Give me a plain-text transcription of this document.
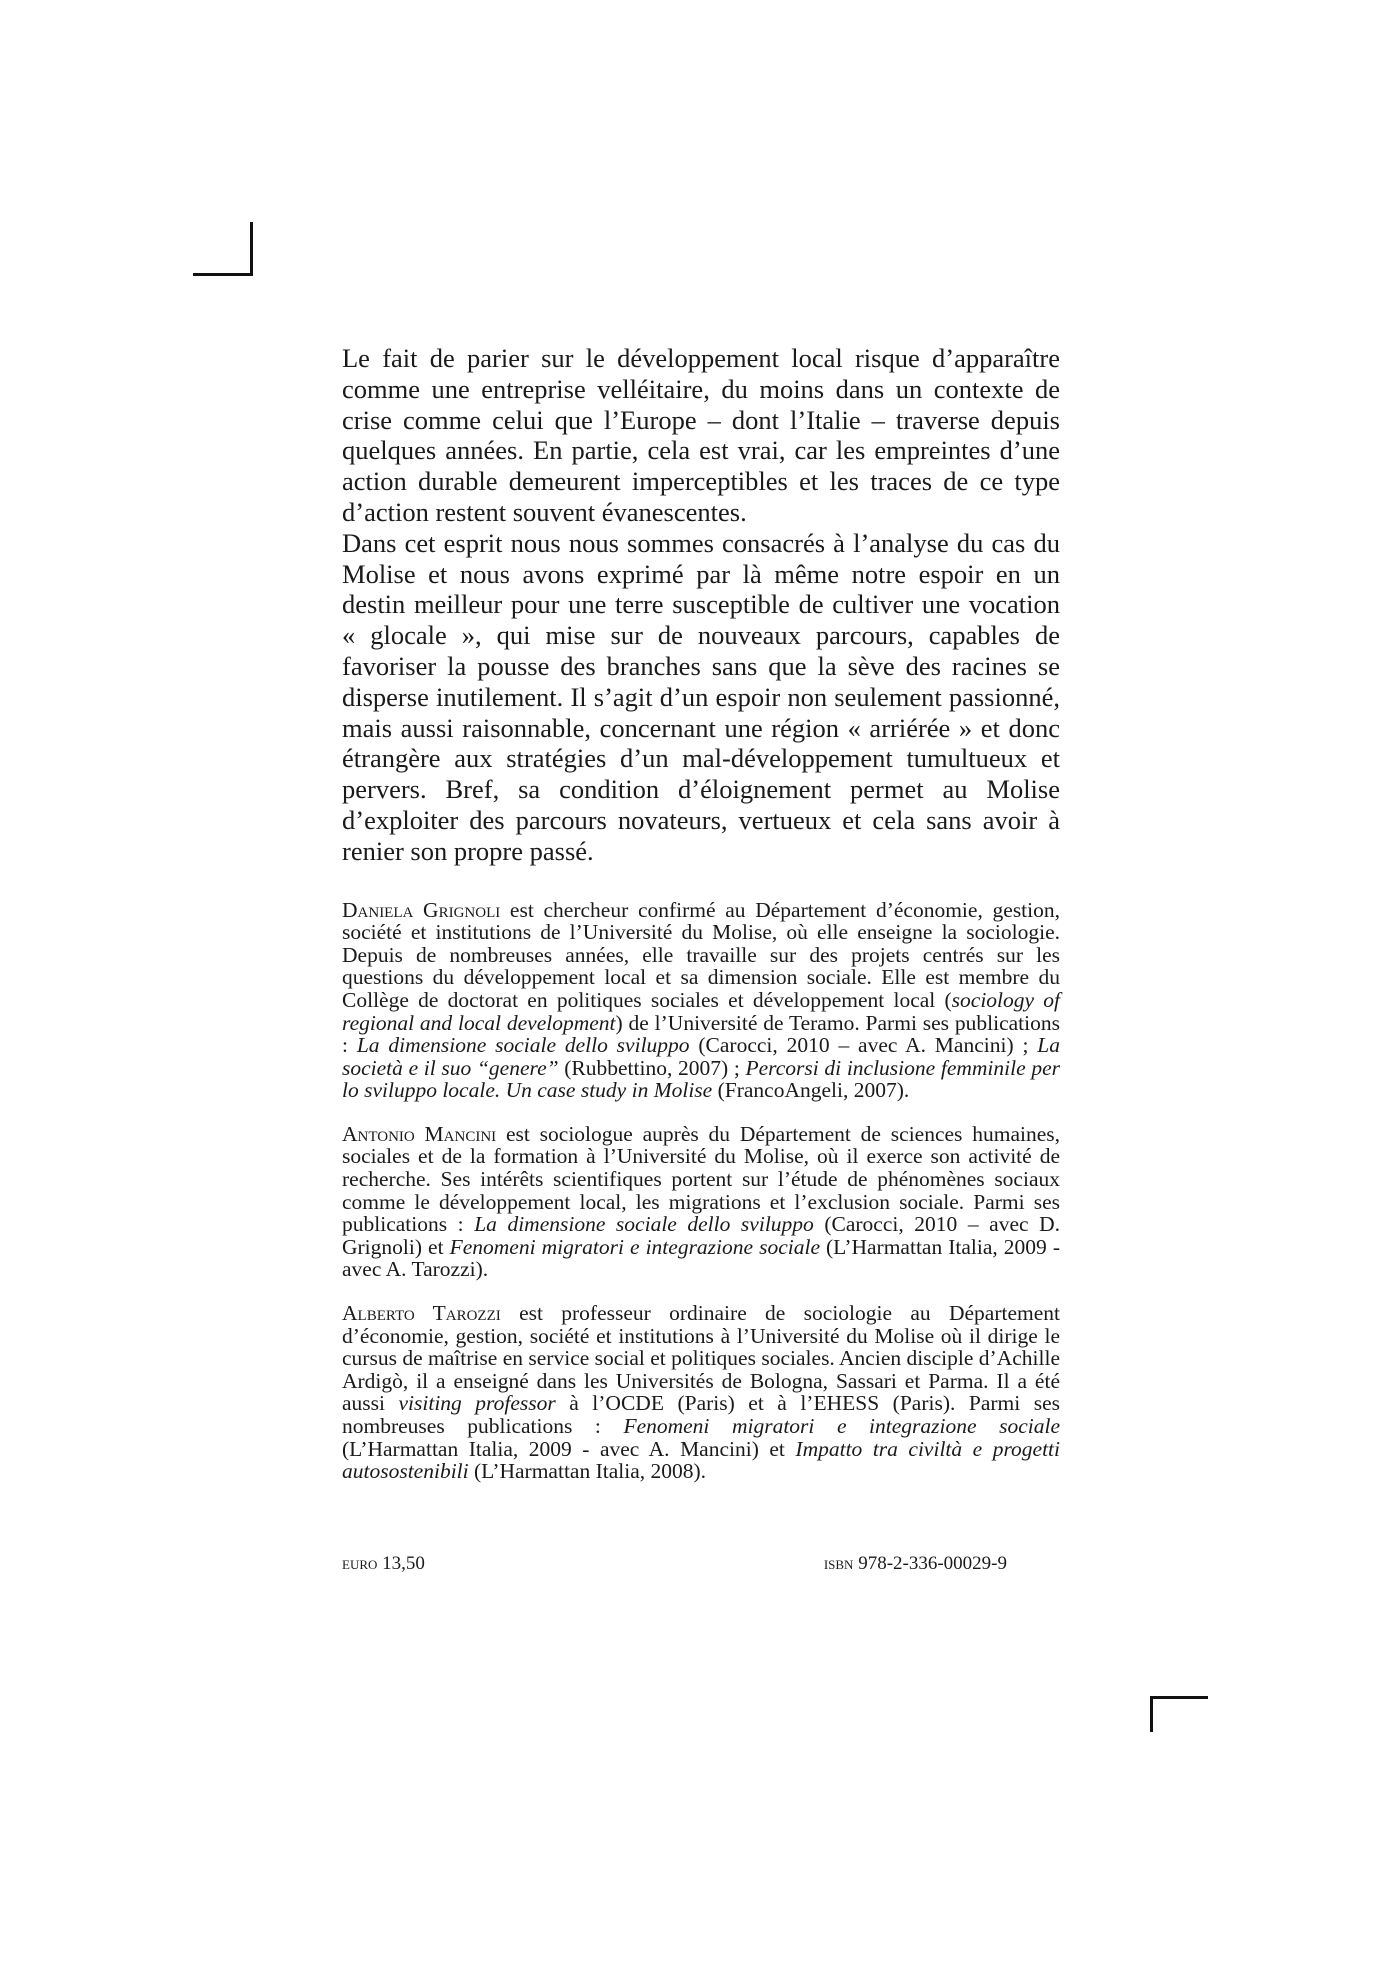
Le fait de parier sur le développement local risque d’apparaître comme une entreprise velléitaire, du moins dans un contexte de crise comme celui que l’Europe – dont l’Italie – traverse depuis quelques années. En partie, cela est vrai, car les empreintes d’une action durable demeurent imperceptibles et les traces de ce type d’action restent souvent évanescentes.

Dans cet esprit nous nous sommes consacrés à l’analyse du cas du Molise et nous avons exprimé par là même notre espoir en un destin meilleur pour une terre susceptible de cultiver une vocation « glocale », qui mise sur de nouveaux parcours, capables de favoriser la pousse des branches sans que la sève des racines se disperse inutilement. Il s’agit d’un espoir non seulement passionné, mais aussi raisonnable, concernant une région « arriérée » et donc étrangère aux stratégies d’un mal-développement tumultueux et pervers. Bref, sa condition d’éloignement permet au Molise d’exploiter des parcours novateurs, vertueux et cela sans avoir à renier son propre passé.

Daniela Grignoli est chercheur confirmé au Département d’économie, gestion, société et institutions de l’Université du Molise, où elle enseigne la sociologie. Depuis de nombreuses années, elle travaille sur des projets centrés sur les questions du développement local et sa dimension sociale. Elle est membre du Collège de doctorat en politiques sociales et développement local (sociology of regional and local development) de l’Université de Teramo. Parmi ses publications : La dimensione sociale dello sviluppo (Carocci, 2010 – avec A. Mancini) ; La società e il suo “genere” (Rubbettino, 2007) ; Percorsi di inclusione femminile per lo sviluppo locale. Un case study in Molise (FrancoAngeli, 2007).

Antonio Mancini est sociologue auprès du Département de sciences humaines, sociales et de la formation à l’Université du Molise, où il exerce son activité de recherche. Ses intérêts scientifiques portent sur l’étude de phénomènes sociaux comme le développement local, les migrations et l’exclusion sociale. Parmi ses publications : La dimensione sociale dello sviluppo (Carocci, 2010 – avec D. Grignoli) et Fenomeni migratori e integrazione sociale (L’Harmattan Italia, 2009 - avec A. Tarozzi).

Alberto Tarozzi est professeur ordinaire de sociologie au Département d’économie, gestion, société et institutions à l’Université du Molise où il dirige le cursus de maîtrise en service social et politiques sociales. Ancien disciple d’Achille Ardigò, il a enseigné dans les Universités de Bologna, Sassari et Parma. Il a été aussi visiting professor à l’OCDE (Paris) et à l’EHESS (Paris). Parmi ses nombreuses publications : Fenomeni migratori e integrazione sociale (L’Harmattan Italia, 2009 - avec A. Mancini) et Impatto tra civiltà e progetti autosostenibili (L’Harmattan Italia, 2008).

euro 13,50	isbn 978-2-336-00029-9
